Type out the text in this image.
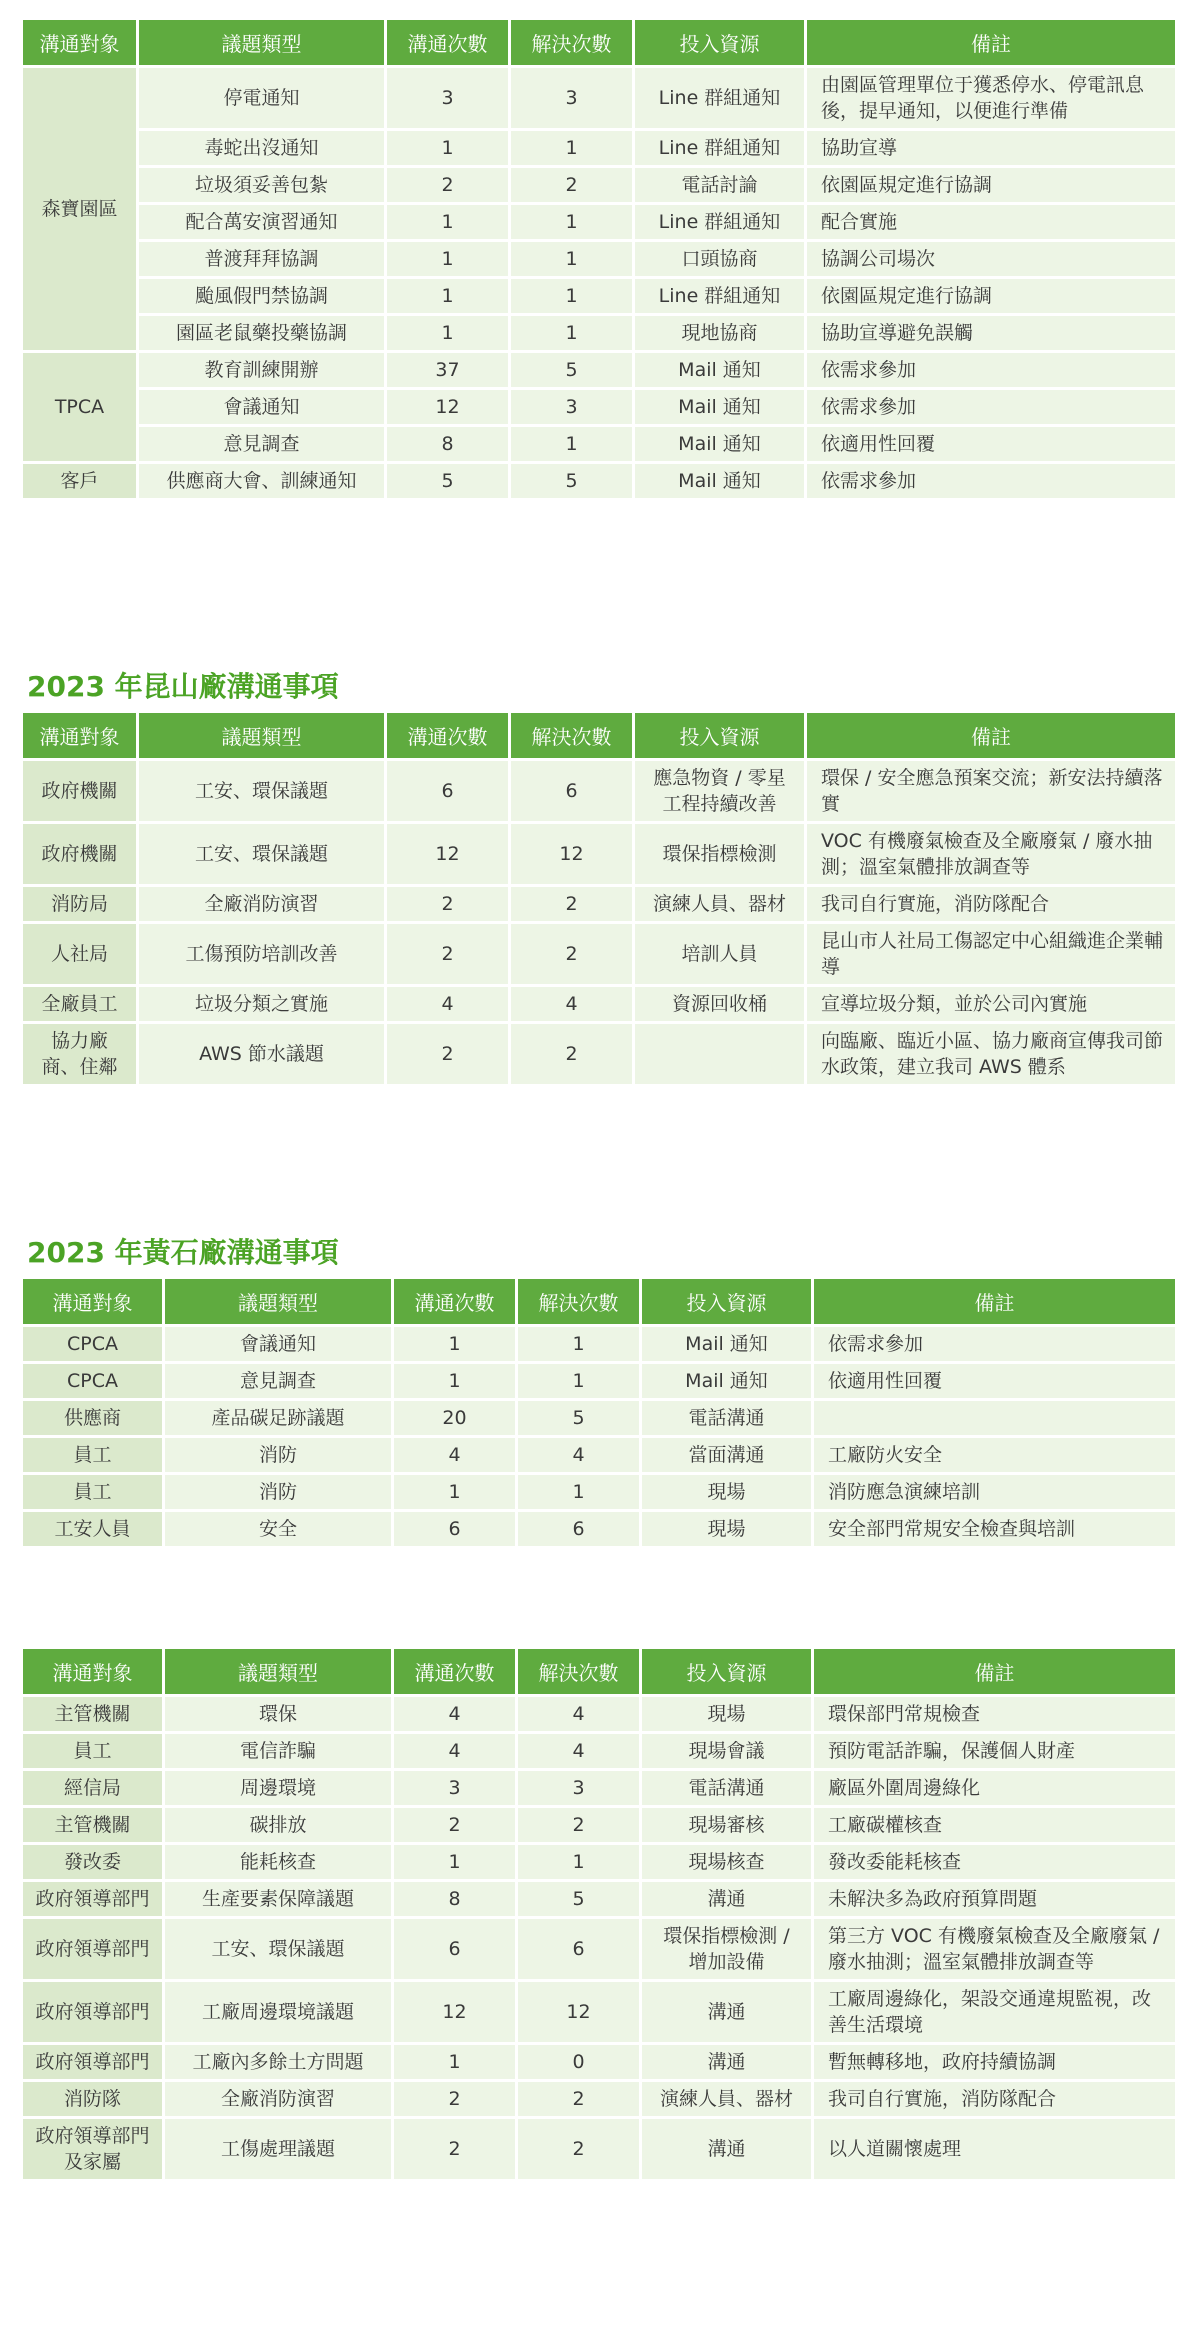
溝通對象	議題類型	溝通次數	解決次數	投入資源	備註
森寶園區	停電通知	3	3	Line 群組通知	由園區管理單位于獲悉停水、停電訊息後，提早通知，以便進行準備
	毒蛇出沒通知	1	1	Line 群組通知	協助宣導
	垃圾須妥善包紮	2	2	電話討論	依園區規定進行協調
	配合萬安演習通知	1	1	Line 群組通知	配合實施
	普渡拜拜協調	1	1	口頭協商	協調公司場次
	颱風假門禁協調	1	1	Line 群組通知	依園區規定進行協調
	園區老鼠藥投藥協調	1	1	現地協商	協助宣導避免誤觸
TPCA	教育訓練開辦	37	5	Mail 通知	依需求參加
	會議通知	12	3	Mail 通知	依需求參加
	意見調查	8	1	Mail 通知	依適用性回覆
客戶	供應商大會、訓練通知	5	5	Mail 通知	依需求參加
2023 年昆山廠溝通事項
溝通對象	議題類型	溝通次數	解決次數	投入資源	備註
政府機關	工安、環保議題	6	6	應急物資 / 零星工程持續改善	環保 / 安全應急預案交流；新安法持續落實
政府機關	工安、環保議題	12	12	環保指標檢測	VOC 有機廢氣檢查及全廠廢氣 / 廢水抽測；溫室氣體排放調查等
消防局	全廠消防演習	2	2	演練人員、器材	我司自行實施，消防隊配合
人社局	工傷預防培訓改善	2	2	培訓人員	昆山市人社局工傷認定中心組織進企業輔導
全廠員工	垃圾分類之實施	4	4	資源回收桶	宣導垃圾分類，並於公司內實施
協力廠商、住鄰	AWS 節水議題	2	2		向臨廠、臨近小區、協力廠商宣傳我司節水政策，建立我司 AWS 體系
2023 年黃石廠溝通事項
溝通對象	議題類型	溝通次數	解決次數	投入資源	備註
CPCA	會議通知	1	1	Mail 通知	依需求參加
CPCA	意見調查	1	1	Mail 通知	依適用性回覆
供應商	產品碳足跡議題	20	5	電話溝通	
員工	消防	4	4	當面溝通	工廠防火安全
員工	消防	1	1	現場	消防應急演練培訓
工安人員	安全	6	6	現場	安全部門常規安全檢查與培訓
溝通對象	議題類型	溝通次數	解決次數	投入資源	備註
主管機關	環保	4	4	現場	環保部門常規檢查
員工	電信詐騙	4	4	現場會議	預防電話詐騙，保護個人財產
經信局	周邊環境	3	3	電話溝通	廠區外圍周邊綠化
主管機關	碳排放	2	2	現場審核	工廠碳權核查
發改委	能耗核查	1	1	現場核查	發改委能耗核查
政府領導部門	生產要素保障議題	8	5	溝通	未解決多為政府預算問題
政府領導部門	工安、環保議題	6	6	環保指標檢測 / 增加設備	第三方 VOC 有機廢氣檢查及全廠廢氣 / 廢水抽測；溫室氣體排放調查等
政府領導部門	工廠周邊環境議題	12	12	溝通	工廠周邊綠化，架設交通違規監視，改善生活環境
政府領導部門	工廠內多餘土方問題	1	0	溝通	暫無轉移地，政府持續協調
消防隊	全廠消防演習	2	2	演練人員、器材	我司自行實施，消防隊配合
政府領導部門及家屬	工傷處理議題	2	2	溝通	以人道關懷處理
